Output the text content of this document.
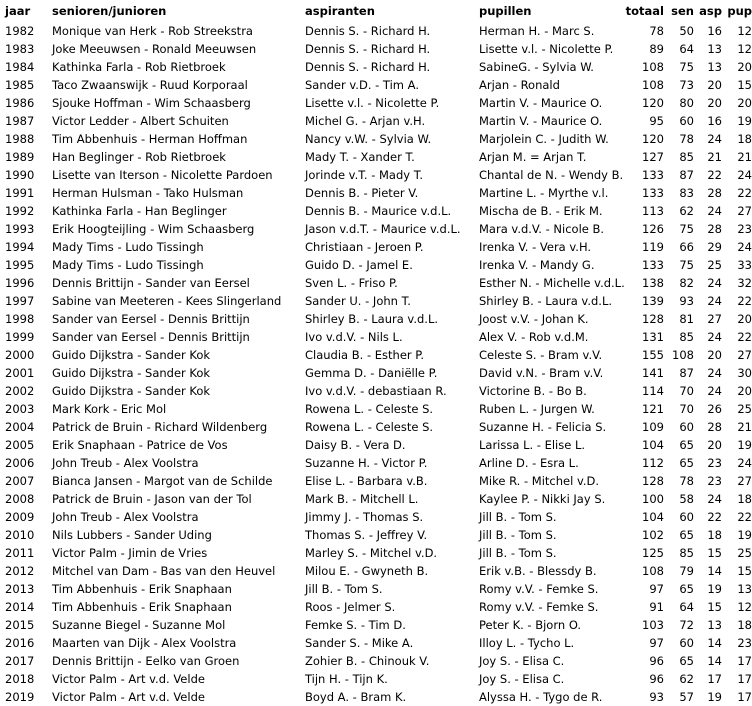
jaar	senioren/junioren	aspiranten	pupillen	totaal	sen	asp	pup
1982	Monique van Herk - Rob Streekstra	Dennis S. - Richard H.	Herman H. - Marc S.	78	50	16	12
1983	Joke Meeuwsen - Ronald Meeuwsen	Dennis S. - Richard H.	Lisette v.l. - Nicolette P.	89	64	13	12
1984	Kathinka Farla - Rob Rietbroek	Dennis S. - Richard H.	SabineG. - Sylvia W.	108	75	13	20
1985	Taco Zwaanswijk - Ruud Korporaal	Sander v.D. - Tim A.	Arjan - Ronald	108	73	20	15
1986	Sjouke Hoffman - Wim Schaasberg	Lisette v.l. - Nicolette P.	Martin V. - Maurice O.	120	80	20	20
1987	Victor Ledder - Albert Schuiten	Michel G. - Arjan v.H.	Martin V. - Maurice O.	95	60	16	19
1988	Tim Abbenhuis - Herman Hoffman	Nancy v.W. - Sylvia W.	Marjolein C. - Judith W.	120	78	24	18
1989	Han Beglinger - Rob Rietbroek	Mady T. - Xander T.	Arjan M. = Arjan T.	127	85	21	21
1990	Lisette van Iterson - Nicolette Pardoen	Jorinde v.T. - Mady T.	Chantal de N. - Wendy B.	133	87	22	24
1991	Herman Hulsman - Tako Hulsman	Dennis B. - Pieter V.	Martine L. - Myrthe v.l.	133	83	28	22
1992	Kathinka Farla - Han Beglinger	Dennis B. - Maurice v.d.L.	Mischa de B. - Erik M.	113	62	24	27
1993	Erik Hoogteijling - Wim Schaasberg	Jason v.d.T. - Maurice v.d.L.	Mara v.d.V. - Nicole B.	126	75	28	23
1994	Mady Tims - Ludo Tissingh	Christiaan - Jeroen P.	Irenka V. - Vera v.H.	119	66	29	24
1995	Mady Tims - Ludo Tissingh	Guido D. - Jamel E.	Irenka V. - Mandy G.	133	75	25	33
1996	Dennis Brittijn - Sander van Eersel	Sven L. - Friso P.	Esther N. - Michelle v.d.L.	138	82	24	32
1997	Sabine van Meeteren - Kees Slingerland	Sander U. - John T.	Shirley B. - Laura v.d.L.	139	93	24	22
1998	Sander van Eersel - Dennis Brittijn	Shirley B. - Laura v.d.L.	Joost v.V. - Johan K.	128	81	27	20
1999	Sander van Eersel - Dennis Brittijn	Ivo v.d.V. - Nils L.	Alex V. - Rob v.d.M.	131	85	24	22
2000	Guido Dijkstra - Sander Kok	Claudia B. - Esther P.	Celeste S. - Bram v.V.	155	108	20	27
2001	Guido Dijkstra - Sander Kok	Gemma D. - Daniëlle P.	David v.N. - Bram v.V.	141	87	24	30
2002	Guido Dijkstra - Sander Kok	Ivo v.d.V. - debastiaan R.	Victorine B. - Bo B.	114	70	24	20
2003	Mark Kork - Eric Mol	Rowena L. - Celeste S.	Ruben L. - Jurgen W.	121	70	26	25
2004	Patrick de Bruin - Richard Wildenberg	Rowena L. - Celeste S.	Suzanne H. - Felicia S.	109	60	28	21
2005	Erik Snaphaan - Patrice de Vos	Daisy B. - Vera D.	Larissa L. - Elise L.	104	65	20	19
2006	John Treub - Alex Voolstra	Suzanne H. - Victor P.	Arline D. - Esra L.	112	65	23	24
2007	Bianca Jansen - Margot van de Schilde	Elise L. - Barbara v.B.	Mike R. - Mitchel v.D.	128	78	23	27
2008	Patrick de Bruin - Jason van der Tol	Mark B. - Mitchell L.	Kaylee P. - Nikki Jay S.	100	58	24	18
2009	John Treub - Alex Voolstra	Jimmy J. - Thomas S.	Jill B. - Tom S.	104	60	22	22
2010	Nils Lubbers - Sander Uding	Thomas S. - Jeffrey V.	Jill B. - Tom S.	102	65	18	19
2011	Victor Palm - Jimin de Vries	Marley S. - Mitchel v.D.	Jill B. - Tom S.	125	85	15	25
2012	Mitchel van Dam - Bas van den Heuvel	Milou E. - Gwyneth B.	Erik v.B. - Blessdy B.	108	79	14	15
2013	Tim Abbenhuis - Erik Snaphaan	Jill B. - Tom S.	Romy v.V. - Femke S.	97	65	19	13
2014	Tim Abbenhuis - Erik Snaphaan	Roos - Jelmer S.	Romy v.V. - Femke S.	91	64	15	12
2015	Suzanne Biegel - Suzanne Mol	Femke S. - Tim D.	Peter K. - Bjorn O.	103	72	13	18
2016	Maarten van Dijk - Alex Voolstra	Sander S. - Mike A.	Illoy L. - Tycho L.	97	60	14	23
2017	Dennis Brittijn - Eelko van Groen	Zohier B. - Chinouk V.	Joy S. - Elisa C.	96	65	14	17
2018	Victor Palm - Art v.d. Velde	Tijn H. - Tijn K.	Joy S. - Elisa C.	96	62	17	17
2019	Victor Palm - Art v.d. Velde	Boyd A. - Bram K.	Alyssa H. - Tygo de R.	93	57	19	17
